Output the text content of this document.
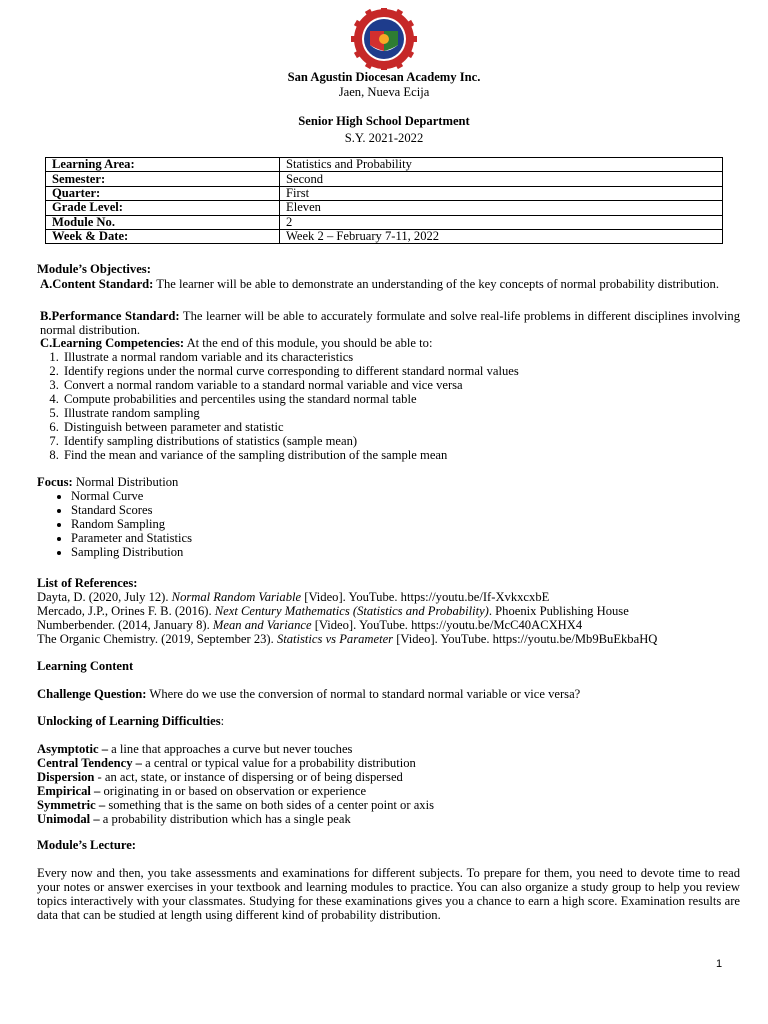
San Agustin Diocesan Academy Inc.
Jaen, Nueva Ecija
Senior High School Department
S.Y. 2021-2022
Learning Area:	Statistics and Probability
Semester:	Second
Quarter:	First
Grade Level:	Eleven
Module No.	2
Week & Date:	Week 2 – February 7-11, 2022
Module’s Objectives:
A.Content Standard: The learner will be able to demonstrate an understanding of the key concepts of normal probability distribution.
B.Performance Standard: The learner will be able to accurately formulate and solve real-life problems in different disciplines involving normal distribution.
C.Learning Competencies: At the end of this module, you should be able to:
1. Illustrate a normal random variable and its characteristics
2. Identify regions under the normal curve corresponding to different standard normal values
3. Convert a normal random variable to a standard normal variable and vice versa
4. Compute probabilities and percentiles using the standard normal table
5. Illustrate random sampling
6. Distinguish between parameter and statistic
7. Identify sampling distributions of statistics (sample mean)
8. Find the mean and variance of the sampling distribution of the sample mean
Focus: Normal Distribution
• Normal Curve
• Standard Scores
• Random Sampling
• Parameter and Statistics
• Sampling Distribution
List of References:
Dayta, D. (2020, July 12). Normal Random Variable [Video]. YouTube. https://youtu.be/If-XvkxcxbE
Mercado, J.P., Orines F. B. (2016). Next Century Mathematics (Statistics and Probability). Phoenix Publishing House
Numberbender. (2014, January 8). Mean and Variance [Video]. YouTube. https://youtu.be/McC40ACXHX4
The Organic Chemistry. (2019, September 23). Statistics vs Parameter [Video]. YouTube. https://youtu.be/Mb9BuEkbaHQ
Learning Content
Challenge Question: Where do we use the conversion of normal to standard normal variable or vice versa?
Unlocking of Learning Difficulties:
Asymptotic – a line that approaches a curve but never touches
Central Tendency – a central or typical value for a probability distribution
Dispersion - an act, state, or instance of dispersing or of being dispersed
Empirical – originating in or based on observation or experience
Symmetric – something that is the same on both sides of a center point or axis
Unimodal – a probability distribution which has a single peak
Module’s Lecture:
Every now and then, you take assessments and examinations for different subjects. To prepare for them, you need to devote time to read your notes or answer exercises in your textbook and learning modules to practice. You can also organize a study group to help you review topics interactively with your classmates. Studying for these examinations gives you a chance to earn a high score. Examination results are data that can be studied at length using different kind of probability distribution.
1
